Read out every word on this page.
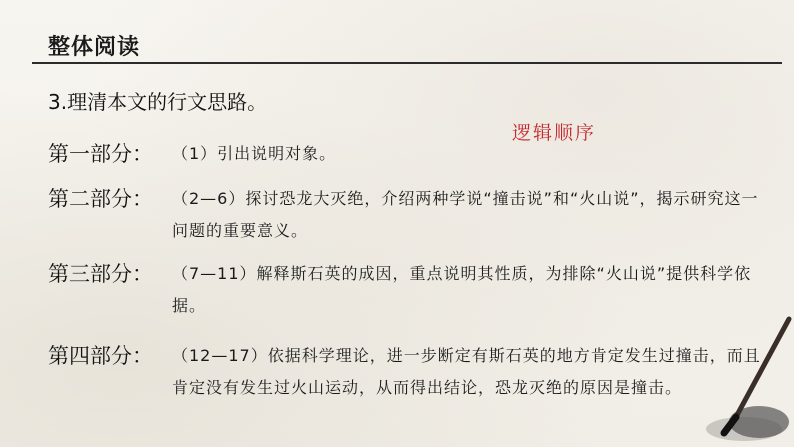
整体阅读
3.理清本文的行文思路。
逻辑顺序
第一部分： （1）引出说明对象。
第二部分： （2—6）探讨恐龙大灭绝，介绍两种学说“撞击说”和“火山说”，揭示研究这一问题的重要意义。
第三部分： （7—11）解释斯石英的成因，重点说明其性质，为排除“火山说”提供科学依据。
第四部分： （12—17）依据科学理论，进一步断定有斯石英的地方肯定发生过撞击，而且肯定没有发生过火山运动，从而得出结论，恐龙灭绝的原因是撞击。
